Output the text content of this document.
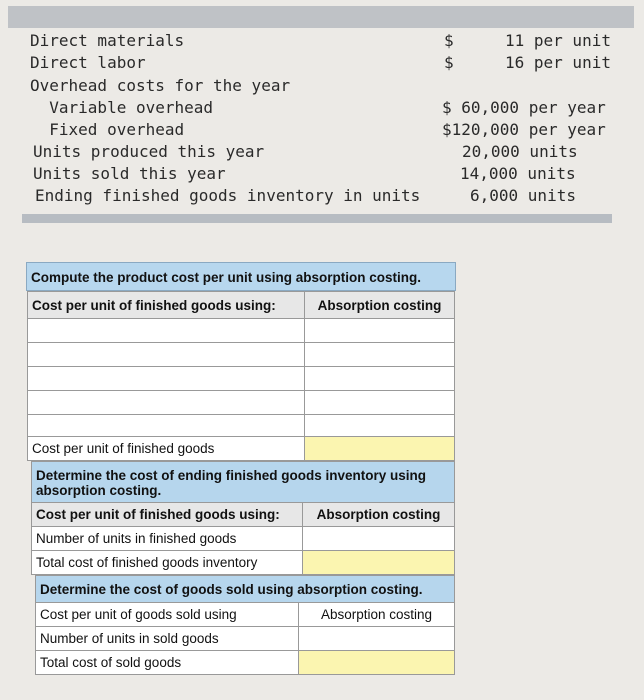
Direct materials	$	11 per unit
Direct labor	$	16 per unit
Overhead costs for the year
Variable overhead	$ 60,000 per year
Fixed overhead	$120,000 per year
Units produced this year	20,000 units
Units sold this year	14,000 units
Ending finished goods inventory in units	6,000 units
Compute the product cost per unit using absorption costing.
Cost per unit of finished goods using:	Absorption costing

Cost per unit of finished goods	
Determine the cost of ending finished goods inventory using absorption costing.	
Cost per unit of finished goods using:	Absorption costing
Number of units in finished goods	
Total cost of finished goods inventory	
Determine the cost of goods sold using absorption costing.	
Cost per unit of goods sold using	Absorption costing
Number of units in sold goods	
Total cost of sold goods	
